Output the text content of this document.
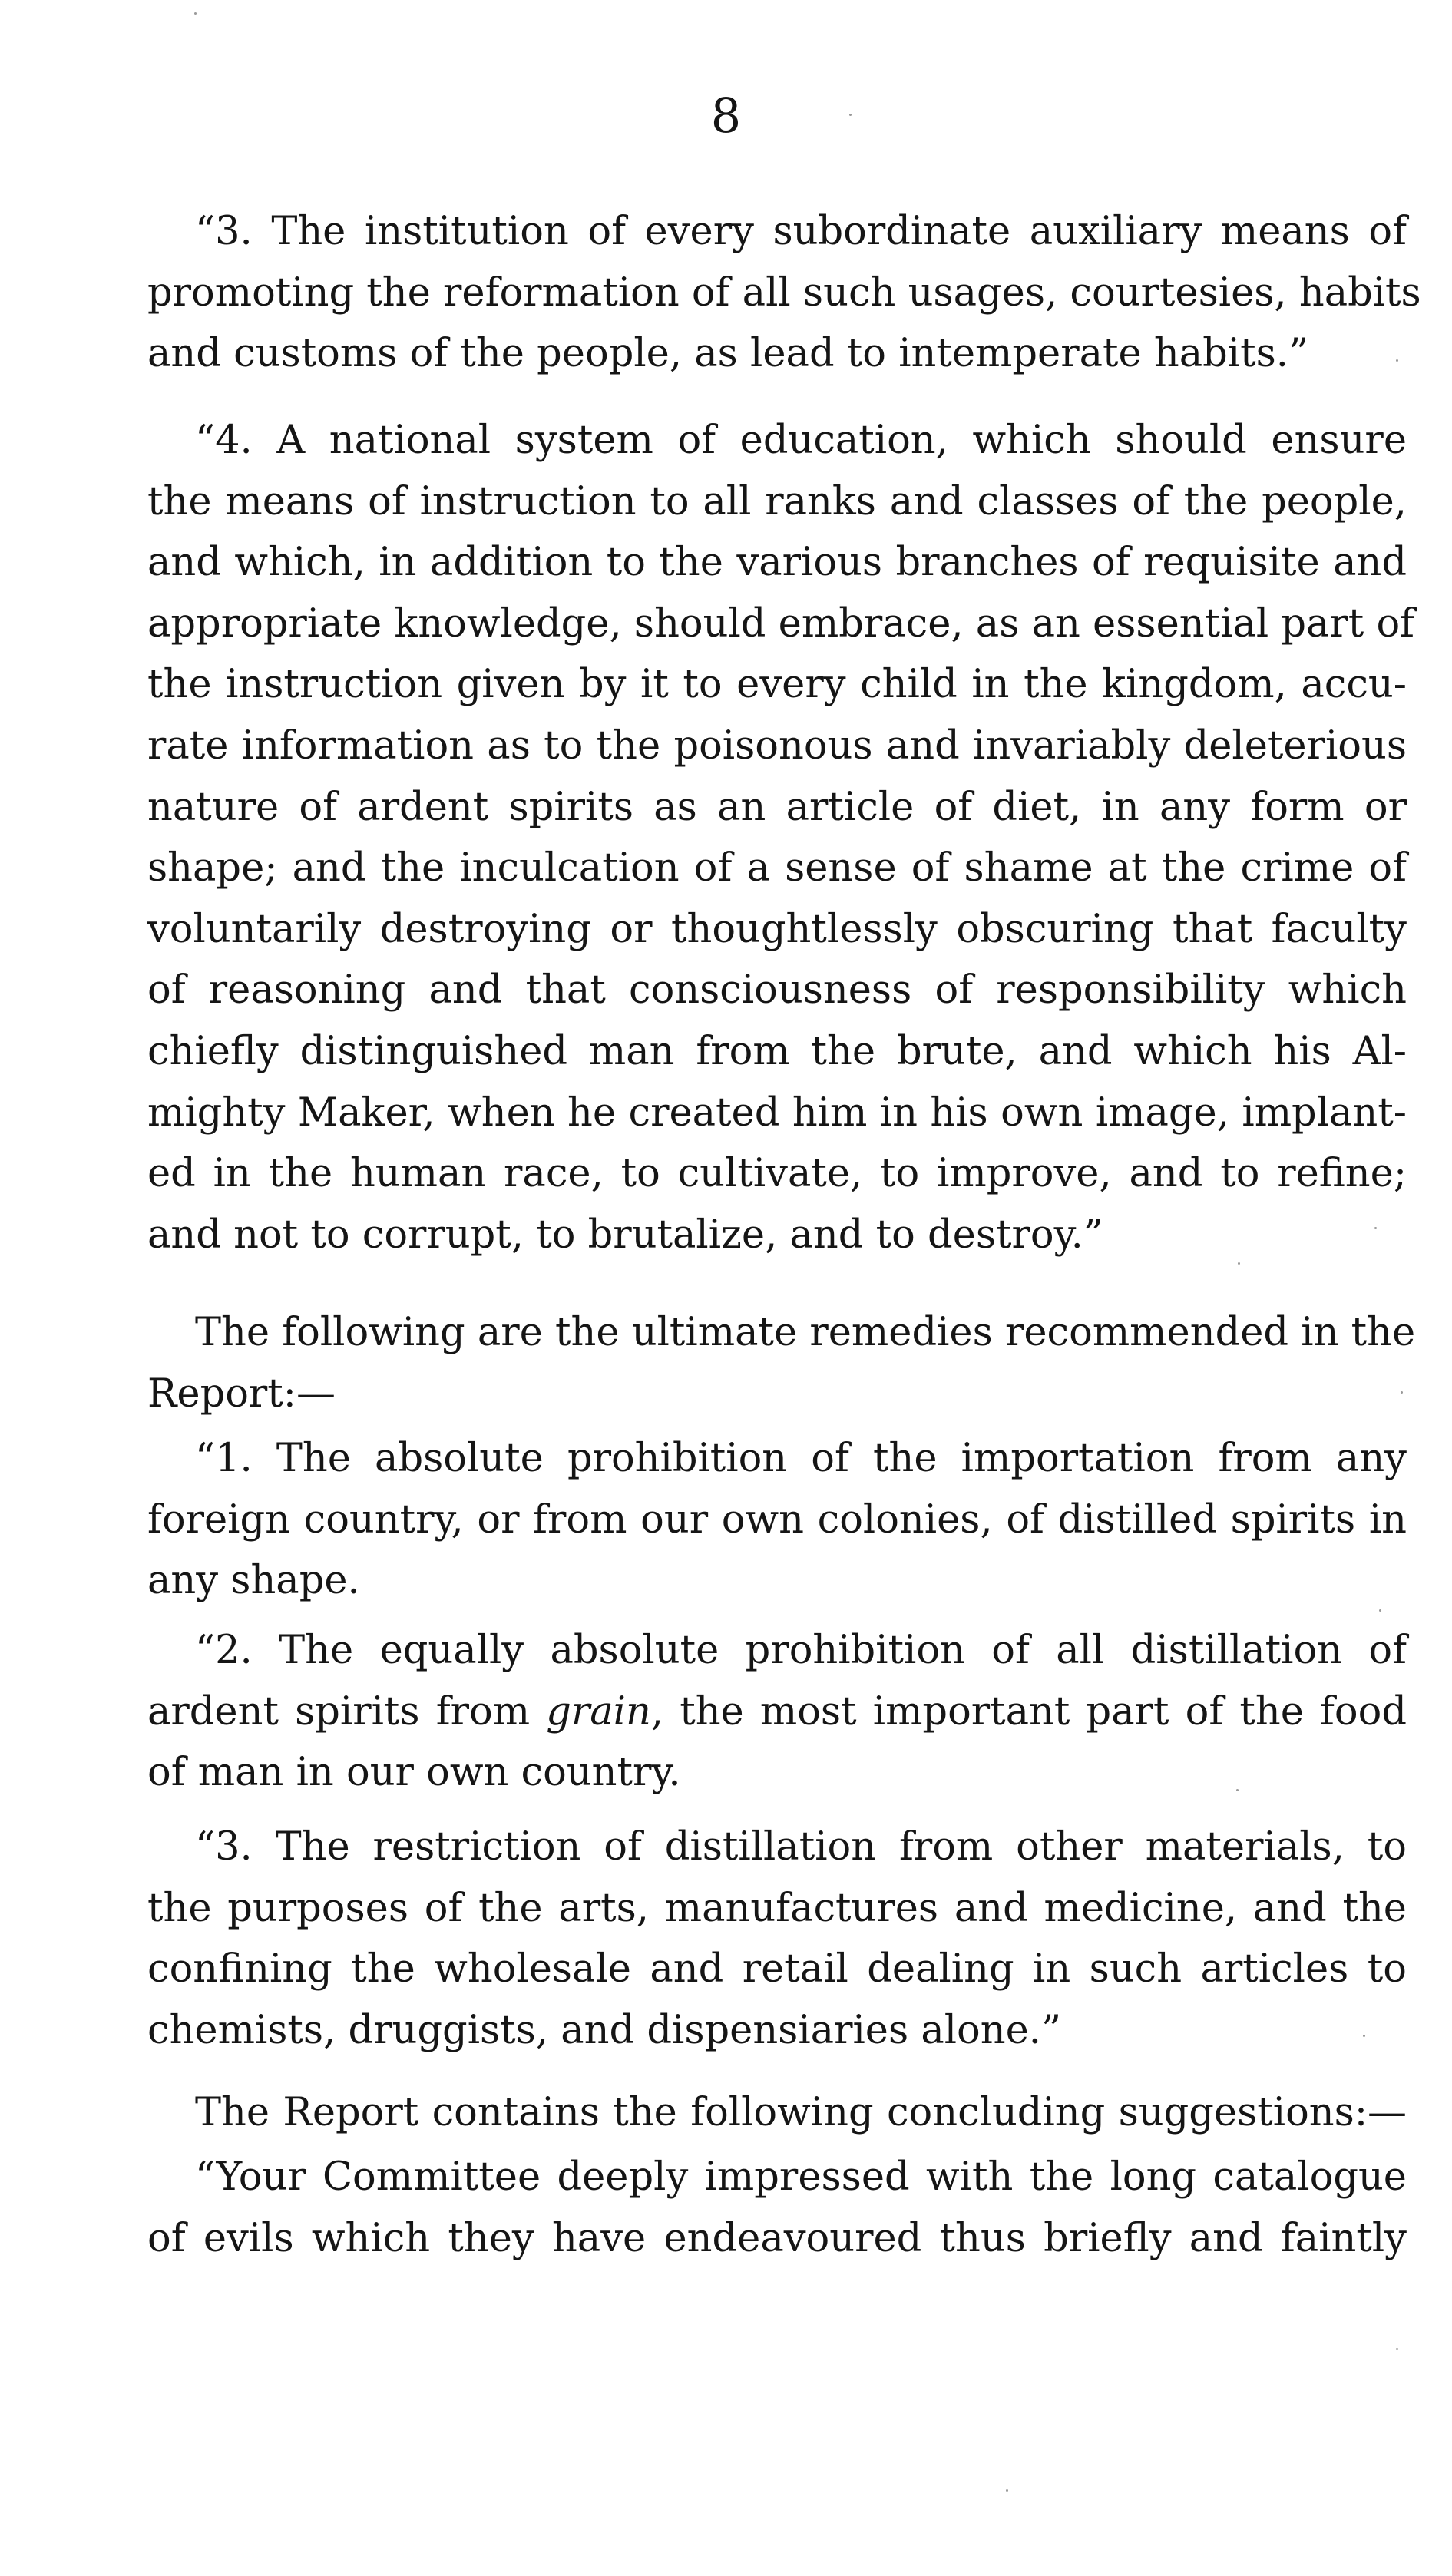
8
“3. The institution of every subordinate auxiliary means of
promoting the reformation of all such usages, courtesies, habits
and customs of the people, as lead to intemperate habits.”
“4. A national system of education, which should ensure
the means of instruction to all ranks and classes of the people,
and which, in addition to the various branches of requisite and
appropriate knowledge, should embrace, as an essential part of
the instruction given by it to every child in the kingdom, accu-
rate information as to the poisonous and invariably deleterious
nature of ardent spirits as an article of diet, in any form or
shape; and the inculcation of a sense of shame at the crime of
voluntarily destroying or thoughtlessly obscuring that faculty
of reasoning and that consciousness of responsibility which
chiefly distinguished man from the brute, and which his Al-
mighty Maker, when he created him in his own image, implant-
ed in the human race, to cultivate, to improve, and to refine;
and not to corrupt, to brutalize, and to destroy.”
The following are the ultimate remedies recommended in the
Report:—
“1. The absolute prohibition of the importation from any
foreign country, or from our own colonies, of distilled spirits in
any shape.
“2. The equally absolute prohibition of all distillation of
ardent spirits from grain, the most important part of the food
of man in our own country.
“3. The restriction of distillation from other materials, to
the purposes of the arts, manufactures and medicine, and the
confining the wholesale and retail dealing in such articles to
chemists, druggists, and dispensiaries alone.”
The Report contains the following concluding suggestions:—
“Your Committee deeply impressed with the long catalogue
of evils which they have endeavoured thus briefly and faintly
